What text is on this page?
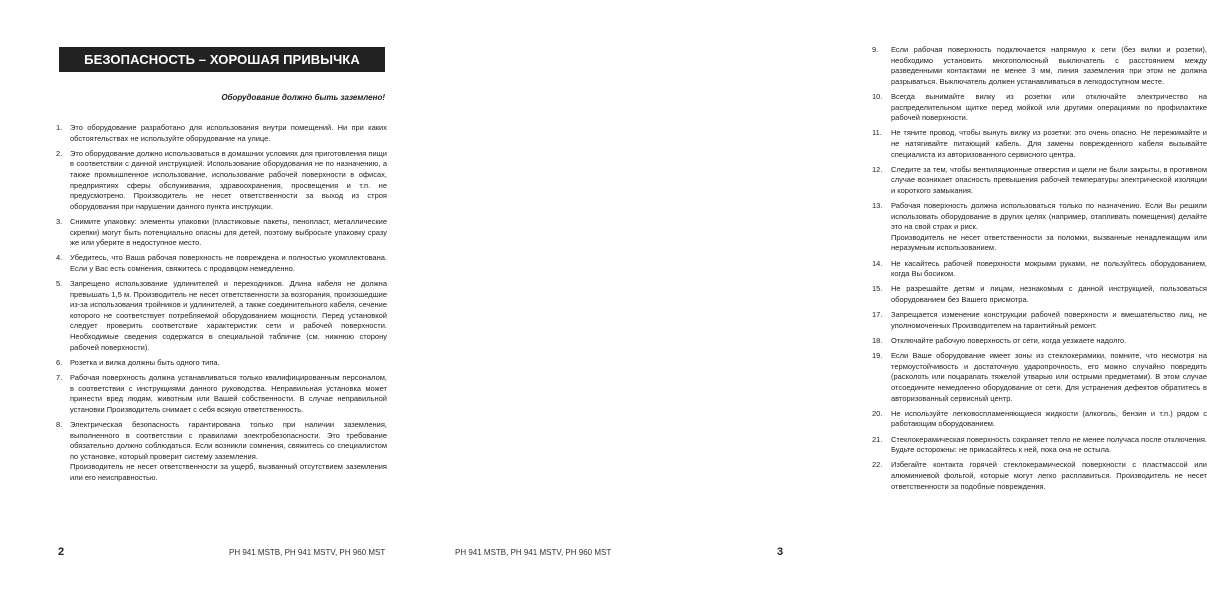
БЕЗОПАСНОСТЬ – ХОРОШАЯ ПРИВЫЧКА
Оборудование должно быть заземлено!
1.	Это оборудование разработано для использования внутри помещений. Ни при каких обстоятельствах не используйте оборудование на улице.

2.	Это оборудование должно использоваться в домашних условиях для приготовления пищи в соответствии с данной инструкцией. Использование оборудования не по назначению, а также промышленное использование, использование рабочей поверхности в офисах, предприятиях сферы обслуживания, здравоохранения, просвещения и т.п. не предусмотрено. Производитель не несет ответственности за выход из строя оборудования при нарушении данного пункта инструкции.

3.	Снимите упаковку: элементы упаковки (пластиковые пакеты, пенопласт, металлические скрепки) могут быть потенциально опасны для детей, поэтому выбросьте упаковку сразу же или уберите в недоступное место.

4.	Убедитесь, что Ваша рабочая поверхность не повреждена и полностью укомплектована. Если у Вас есть сомнения, свяжитесь с продавцом немедленно.

5.	Запрещено использование удлинителей и переходников. Длина кабеля не должна превышать 1,5 м. Производитель не несет ответственности за возгорания, произошедшие из-за использования тройников и удлинителей, а также соединительного кабеля, сечение которого не соответствует потребляемой оборудованием мощности. Перед установкой следует проверить соответствие характеристик сети и рабочей поверхности. Необходимые сведения содержатся в специальной табличке (см. нижнюю сторону рабочей поверхности).

6.	Розетка и вилка должны быть одного типа.

7.	Рабочая поверхность должна устанавливаться только квалифицированным персоналом, в соответствии с инструкциями данного руководства. Неправильная установка может принести вред людям, животным или Вашей собственности. В случае неправильной установки Производитель снимает с себя всякую ответственность.

8.	Электрическая безопасность гарантирована только при наличии заземления, выполненного в соответствии с правилами электробезопасности. Это требование обязательно должно соблюдаться. Если возникли сомнения, свяжитесь со специалистом по установке, который проверит систему заземления.

Производитель не несет ответственности за ущерб, вызванный отсутствием заземления или его неисправностью.

2	PH 941 MSTB, PH 941 MSTV, PH 960 MST
9.	Если рабочая поверхность подключается напрямую к сети (без вилки и розетки), необходимо установить многополюсный выключатель с расстоянием между разведенными контактами не менее 3 мм, линия заземления при этом не должна разрываться. Выключатель должен устанавливаться в легкодоступном месте.

10.	Всегда вынимайте вилку из розетки или отключайте электричество на распределительном щитке перед мойкой или другими операциями по профилактике рабочей поверхности.

11.	Не тяните провод, чтобы вынуть вилку из розетки: это очень опасно. Не пережимайте и не натягивайте питающий кабель. Для замены поврежденного кабеля вызывайте специалиста из авторизованного сервисного центра.

12.	Следите за тем, чтобы вентиляционные отверстия и щели не были закрыты, в противном случае возникает опасность превышения рабочей температуры электрической изоляции и короткого замыкания.

13.	Рабочая поверхность должна использоваться только по назначению. Если Вы решили использовать оборудование в других целях (например, отапливать помещения) делайте это на свой страх и риск.

Производитель не несет ответственности за поломки, вызванные ненадлежащим или неразумным использованием.

14.	Не касайтесь рабочей поверхности мокрыми руками, не пользуйтесь оборудованием, когда Вы босиком.

15.	Не разрешайте детям и лицам, незнакомым с данной инструкцией, пользоваться оборудованием без Вашего присмотра.

17.	Запрещается изменение конструкции рабочей поверхности и вмешательство лиц, не уполномоченных Производителем на гарантийный ремонт.

18.	Отключайте рабочую поверхность от сети, когда уезжаете надолго.

19.	Если Ваше оборудование имеет зоны из стеклокерамики, помните, что несмотря на термоустойчивость и достаточную ударопрочность, его можно случайно повредить (расколоть или поцарапать тяжелой утварью или острыми предметами). В этом случае отсоедините немедленно оборудование от сети. Для устранения дефектов обратитесь в авторизованный сервисный центр.

20.	Не используйте легковоспламеняющиеся жидкости (алкоголь, бензин и т.п.) рядом с работающим оборудованием.

21.	Стеклокерамическая поверхность сохраняет тепло не менее получаса после отключения. Будьте осторожны: не прикасайтесь к ней, пока она не остыла.

22.	Избегайте контакта горячей стеклокерамической поверхности с пластмассой или алюминиевой фольгой, которые могут легко расплавиться. Производитель не несет ответственности за подобные повреждения.

PH 941 MSTB, PH 941 MSTV, PH 960 MST	3
